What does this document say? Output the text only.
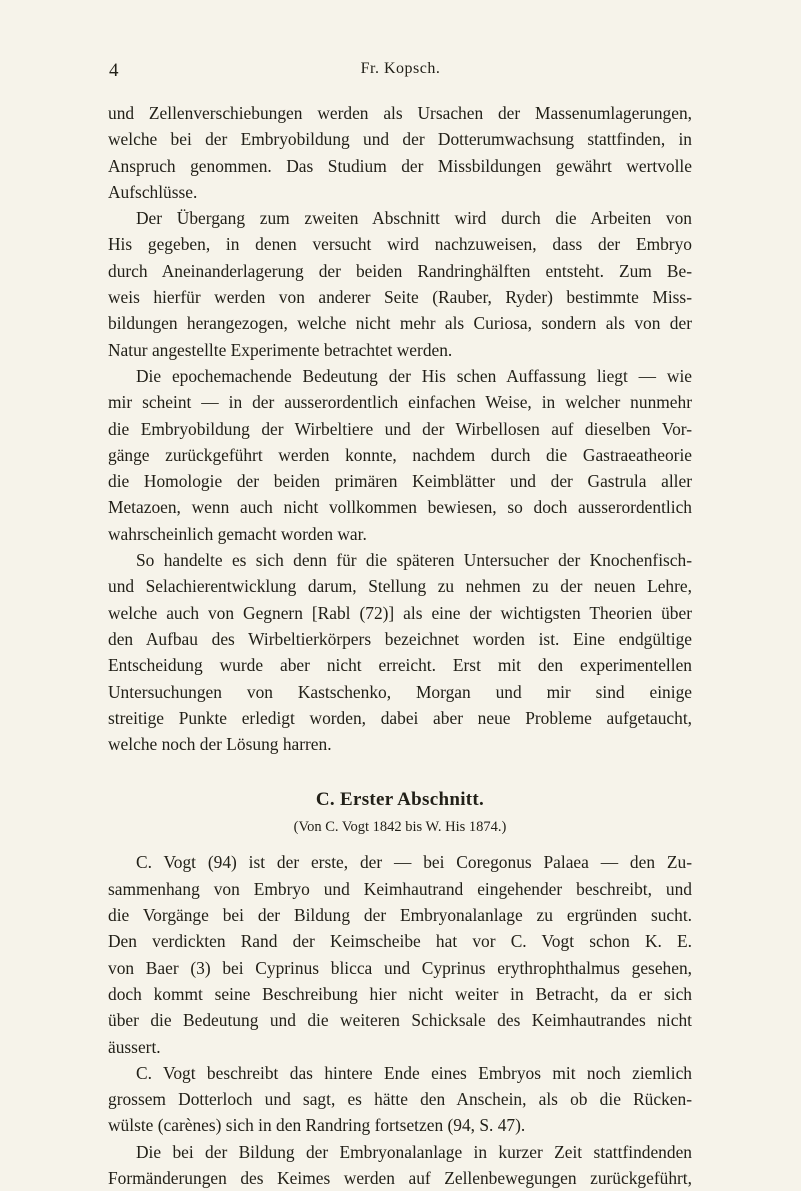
4	Fr. Kopsch.
und Zellenverschiebungen werden als Ursachen der Massenumlagerungen,
welche bei der Embryobildung und der Dotterumwachsung stattfinden, in
Anspruch genommen. Das Studium der Missbildungen gewährt wertvolle
Aufschlüsse.
Der Übergang zum zweiten Abschnitt wird durch die Arbeiten von
His gegeben, in denen versucht wird nachzuweisen, dass der Embryo
durch Aneinanderlagerung der beiden Randringhälften entsteht. Zum Be-
weis hierfür werden von anderer Seite (Rauber, Ryder) bestimmte Miss-
bildungen herangezogen, welche nicht mehr als Curiosa, sondern als von der
Natur angestellte Experimente betrachtet werden.
Die epochemachende Bedeutung der His schen Auffassung liegt — wie
mir scheint — in der ausserordentlich einfachen Weise, in welcher nunmehr
die Embryobildung der Wirbeltiere und der Wirbellosen auf dieselben Vor-
gänge zurückgeführt werden konnte, nachdem durch die Gastraeatheorie
die Homologie der beiden primären Keimblätter und der Gastrula aller
Metazoen, wenn auch nicht vollkommen bewiesen, so doch ausserordentlich
wahrscheinlich gemacht worden war.
So handelte es sich denn für die späteren Untersucher der Knochenfisch-
und Selachierentwicklung darum, Stellung zu nehmen zu der neuen Lehre,
welche auch von Gegnern [Rabl (72)] als eine der wichtigsten Theorien über
den Aufbau des Wirbeltierkörpers bezeichnet worden ist. Eine endgültige
Entscheidung wurde aber nicht erreicht. Erst mit den experimentellen
Untersuchungen von Kastschenko, Morgan und mir sind einige
streitige Punkte erledigt worden, dabei aber neue Probleme aufgetaucht,
welche noch der Lösung harren.
C. Erster Abschnitt.
(Von C. Vogt 1842 bis W. His 1874.)
C. Vogt (94) ist der erste, der — bei Coregonus Palaea — den Zu-
sammenhang von Embryo und Keimhautrand eingehender beschreibt, und
die Vorgänge bei der Bildung der Embryonalanlage zu ergründen sucht.
Den verdickten Rand der Keimscheibe hat vor C. Vogt schon K. E.
von Baer (3) bei Cyprinus blicca und Cyprinus erythrophthalmus gesehen,
doch kommt seine Beschreibung hier nicht weiter in Betracht, da er sich
über die Bedeutung und die weiteren Schicksale des Keimhautrandes nicht
äussert.
C. Vogt beschreibt das hintere Ende eines Embryos mit noch ziemlich
grossem Dotterloch und sagt, es hätte den Anschein, als ob die Rücken-
wülste (carènes) sich in den Randring fortsetzen (94, S. 47).
Die bei der Bildung der Embryonalanlage in kurzer Zeit stattfindenden
Formänderungen des Keimes werden auf Zellenbewegungen zurückgeführt,
